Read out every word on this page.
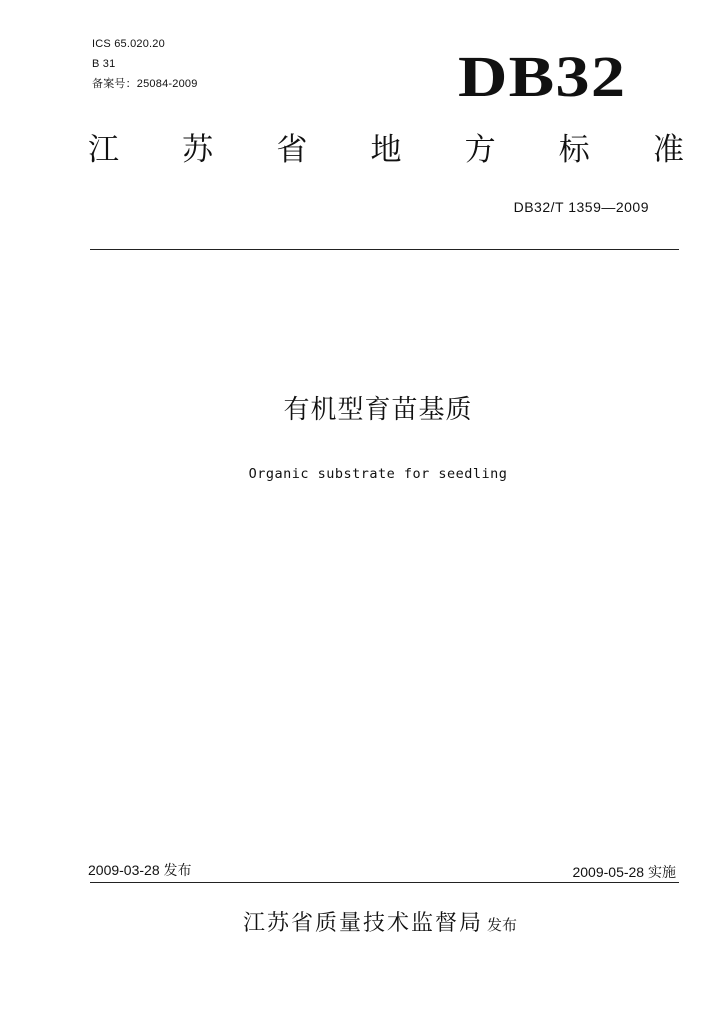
ICS 65.020.20
B 31
备案号：25084-2009	DB32
江 苏 省 地 方 标 准
DB32/T 1359—2009
有机型育苗基质
Organic substrate for seedling
2009-03-28 发布	2009-05-28 实施
江苏省质量技术监督局 发布
